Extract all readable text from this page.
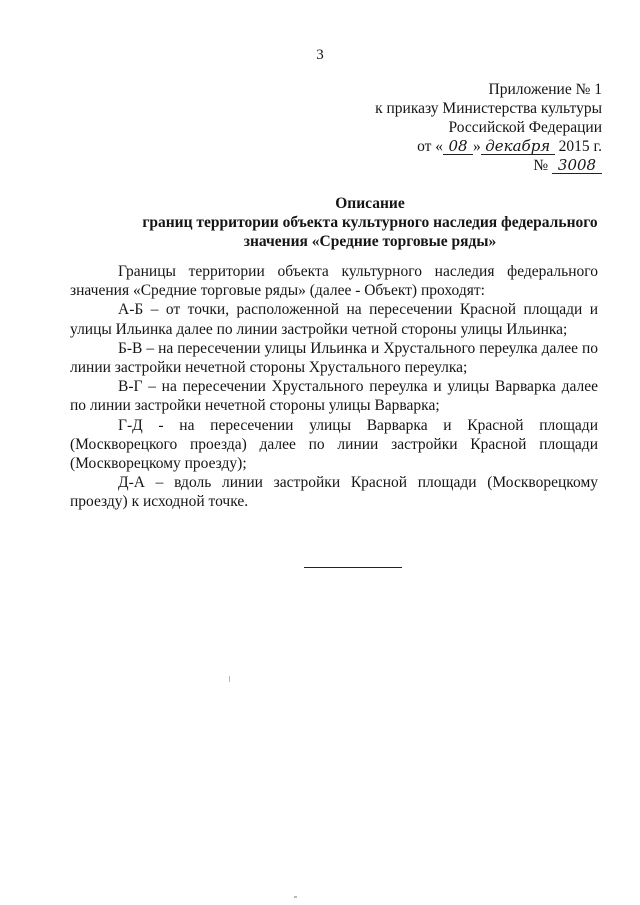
3
Приложение № 1
к приказу Министерства культуры
Российской Федерации
от « 08 » декабря 2015 г.
№ 3008
Описание
границ территории объекта культурного наследия федерального
значения «Средние торговые ряды»

Границы территории объекта культурного наследия федерального значения «Средние торговые ряды» (далее - Объект) проходят:

А-Б – от точки, расположенной на пересечении Красной площади и улицы Ильинка далее по линии застройки четной стороны улицы Ильинка;

Б-В – на пересечении улицы Ильинка и Хрустального переулка далее по линии застройки нечетной стороны Хрустального переулка;

В-Г – на пересечении Хрустального переулка и улицы Варварка далее по линии застройки нечетной стороны улицы Варварка;

Г-Д - на пересечении улицы Варварка и Красной площади (Москворецкого проезда) далее по линии застройки Красной площади (Москворецкому проезду);

Д-А – вдоль линии застройки Красной площади (Москворецкому проезду) к исходной точке.
